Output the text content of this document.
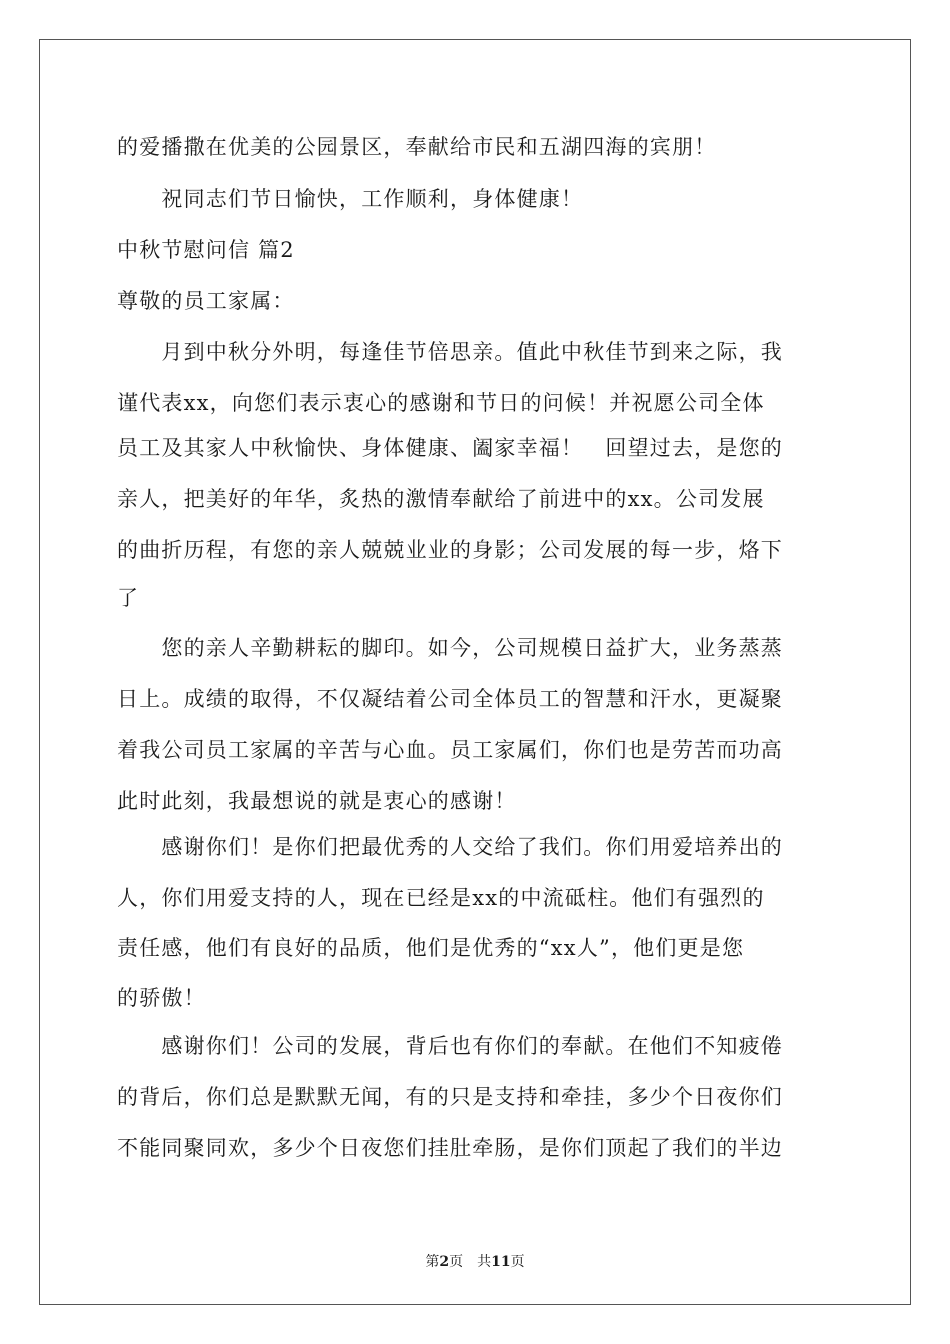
的爱播撒在优美的公园景区，奉献给市民和五湖四海的宾朋！
　　祝同志们节日愉快，工作顺利，身体健康！
中秋节慰问信 篇2
尊敬的员工家属：
　　月到中秋分外明，每逢佳节倍思亲。值此中秋佳节到来之际，我
谨代表xx，向您们表示衷心的感谢和节日的问候！并祝愿公司全体
员工及其家人中秋愉快、身体健康、阖家幸福！　回望过去，是您的
亲人，把美好的年华，炙热的激情奉献给了前进中的xx。公司发展
的曲折历程，有您的亲人兢兢业业的身影；公司发展的每一步，烙下
了
　　您的亲人辛勤耕耘的脚印。如今，公司规模日益扩大，业务蒸蒸
日上。成绩的取得，不仅凝结着公司全体员工的智慧和汗水，更凝聚
着我公司员工家属的辛苦与心血。员工家属们，你们也是劳苦而功高
此时此刻，我最想说的就是衷心的感谢！
　　感谢你们！是你们把最优秀的人交给了我们。你们用爱培养出的
人，你们用爱支持的人，现在已经是xx的中流砥柱。他们有强烈的
责任感，他们有良好的品质，他们是优秀的“xx人”，他们更是您
的骄傲！
　　感谢你们！公司的发展，背后也有你们的奉献。在他们不知疲倦
的背后，你们总是默默无闻，有的只是支持和牵挂，多少个日夜你们
不能同聚同欢，多少个日夜您们挂肚牵肠，是你们顶起了我们的半边
第2页　共11页
